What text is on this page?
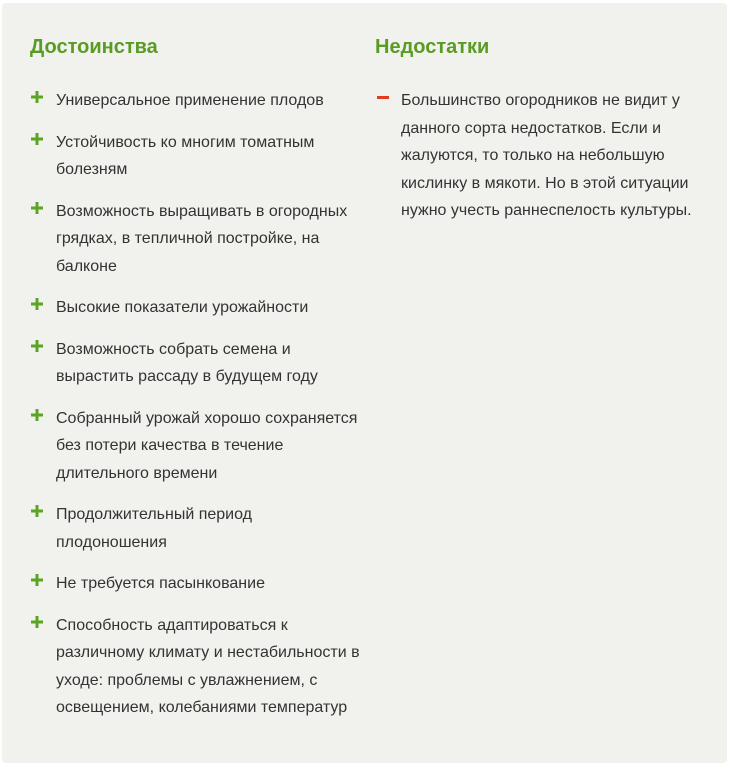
Достоинства
Универсальное применение плодов
Устойчивость ко многим томатным болезням
Возможность выращивать в огородных грядках, в тепличной постройке, на балконе
Высокие показатели урожайности
Возможность собрать семена и вырастить рассаду в будущем году
Собранный урожай хорошо сохраняется без потери качества в течение длительного времени
Продолжительный период плодоношения
Не требуется пасынкование
Способность адаптироваться к различному климату и нестабильности в уходе: проблемы с увлажнением, с освещением, колебаниями температур
Недостатки
Большинство огородников не видит у данного сорта недостатков. Если и жалуются, то только на небольшую кислинку в мякоти. Но в этой ситуации нужно учесть раннеспелость культуры.
